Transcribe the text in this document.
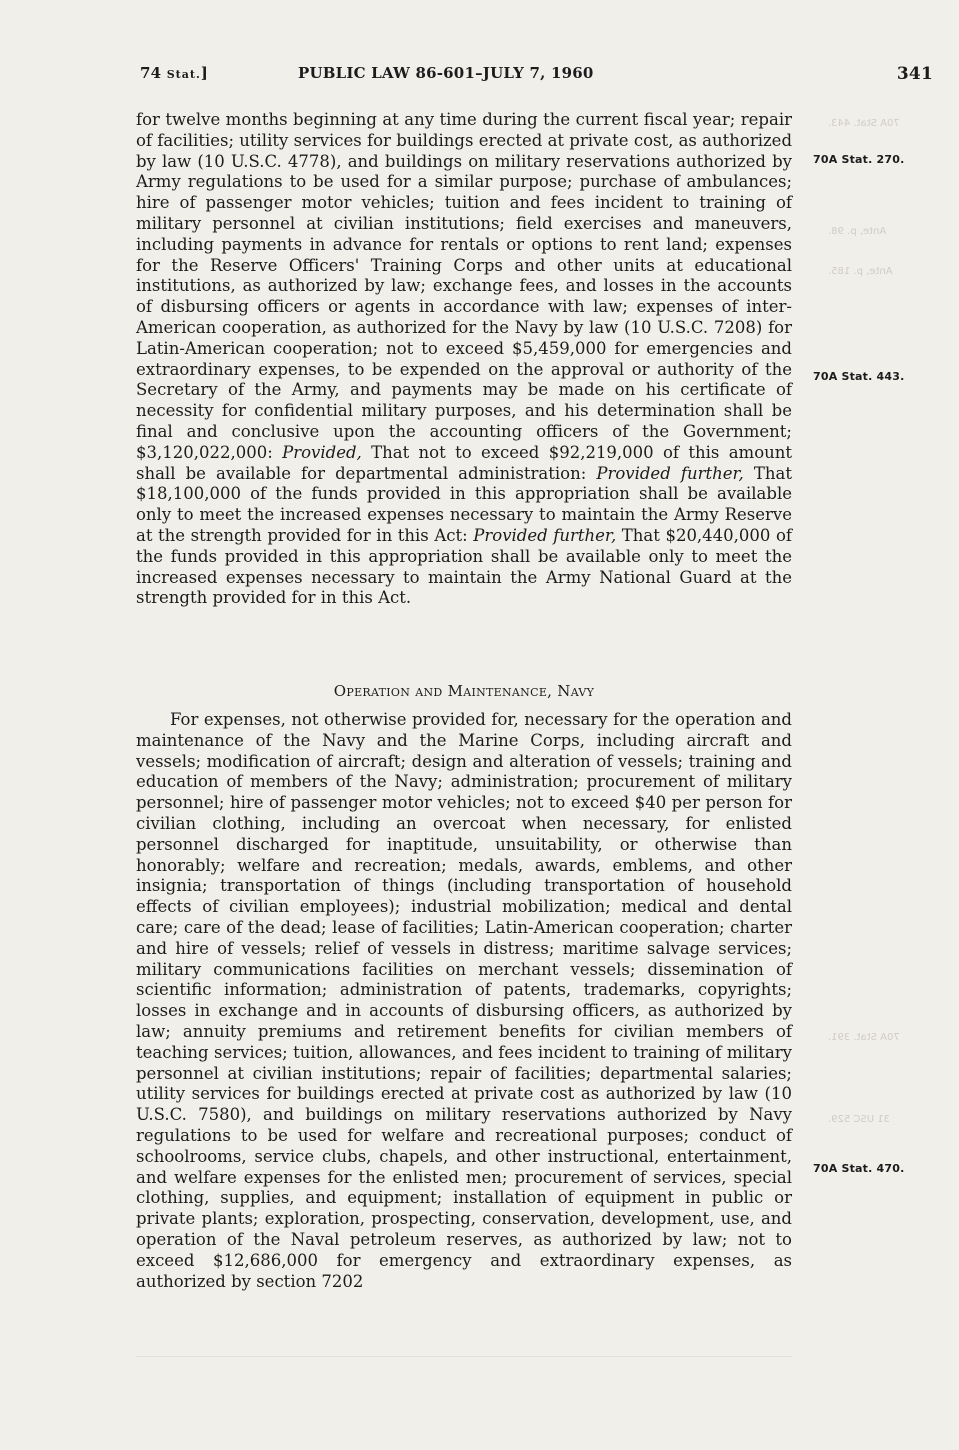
74 Stat.]	PUBLIC LAW 86-601–JULY 7, 1960	341
70A Stat. 443.
Ante, p. 98.
Ante, p. 185.
70A Stat. 391.
31 USC 529.
for twelve months beginning at any time during the current fiscal year; repair of facilities; utility services for buildings erected at private cost, as authorized by law (10 U.S.C. 4778), and buildings on military reservations authorized by Army regulations to be used for a similar purpose; purchase of ambulances; hire of passenger motor vehicles; tuition and fees incident to training of military personnel at civilian institutions; field exercises and maneuvers, including payments in advance for rentals or options to rent land; expenses for the Reserve Officers' Training Corps and other units at educational institutions, as authorized by law; exchange fees, and losses in the accounts of disbursing officers or agents in accordance with law; expenses of inter-American cooperation, as authorized for the Navy by law (10 U.S.C. 7208) for Latin-American cooperation; not to exceed $5,459,000 for emergencies and extraordinary expenses, to be expended on the approval or authority of the Secretary of the Army, and payments may be made on his certificate of necessity for confidential military purposes, and his determination shall be final and conclusive upon the accounting officers of the Government; $3,120,022,000: Provided, That not to exceed $92,219,000 of this amount shall be available for departmental administration: Provided further, That $18,100,000 of the funds provided in this appropriation shall be available only to meet the increased expenses necessary to maintain the Army Reserve at the strength provided for in this Act: Provided further, That $20,440,000 of the funds provided in this appropriation shall be available only to meet the increased expenses necessary to maintain the Army National Guard at the strength provided for in this Act.
70A Stat. 270.
70A Stat. 443.
Operation and Maintenance, Navy
For expenses, not otherwise provided for, necessary for the operation and maintenance of the Navy and the Marine Corps, including aircraft and vessels; modification of aircraft; design and alteration of vessels; training and education of members of the Navy; administration; procurement of military personnel; hire of passenger motor vehicles; not to exceed $40 per person for civilian clothing, including an overcoat when necessary, for enlisted personnel discharged for inaptitude, unsuitability, or otherwise than honorably; welfare and recreation; medals, awards, emblems, and other insignia; transportation of things (including transportation of household effects of civilian employees); industrial mobilization; medical and dental care; care of the dead; lease of facilities; Latin-American cooperation; charter and hire of vessels; relief of vessels in distress; maritime salvage services; military communications facilities on merchant vessels; dissemination of scientific information; administration of patents, trademarks, copyrights; losses in exchange and in accounts of disbursing officers, as authorized by law; annuity premiums and retirement benefits for civilian members of teaching services; tuition, allowances, and fees incident to training of military personnel at civilian institutions; repair of facilities; departmental salaries; utility services for buildings erected at private cost as authorized by law (10 U.S.C. 7580), and buildings on military reservations authorized by Navy regulations to be used for welfare and recreational purposes; conduct of schoolrooms, service clubs, chapels, and other instructional, entertainment, and welfare expenses for the enlisted men; procurement of services, special clothing, supplies, and equipment; installation of equipment in public or private plants; exploration, prospecting, conservation, development, use, and operation of the Naval petroleum reserves, as authorized by law; not to exceed $12,686,000 for emergency and extraordinary expenses, as authorized by section 7202
70A Stat. 470.
